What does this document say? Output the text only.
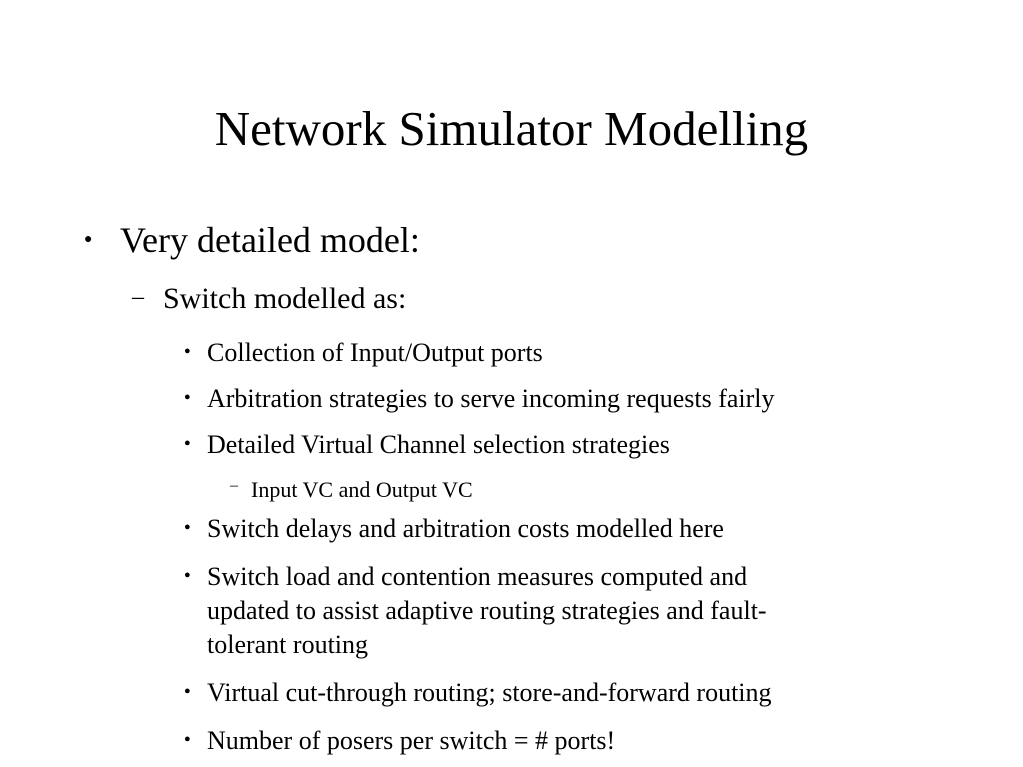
Network Simulator Modelling
● Very detailed model:
– Switch modelled as:
● Collection of Input/Output ports
● Arbitration strategies to serve incoming requests fairly
● Detailed Virtual Channel selection strategies
– Input VC and Output VC
● Switch delays and arbitration costs modelled here
● Switch load and contention measures computed and
updated to assist adaptive routing strategies and fault-
tolerant routing
● Virtual cut-through routing; store-and-forward routing
● Number of posers per switch = # ports!
